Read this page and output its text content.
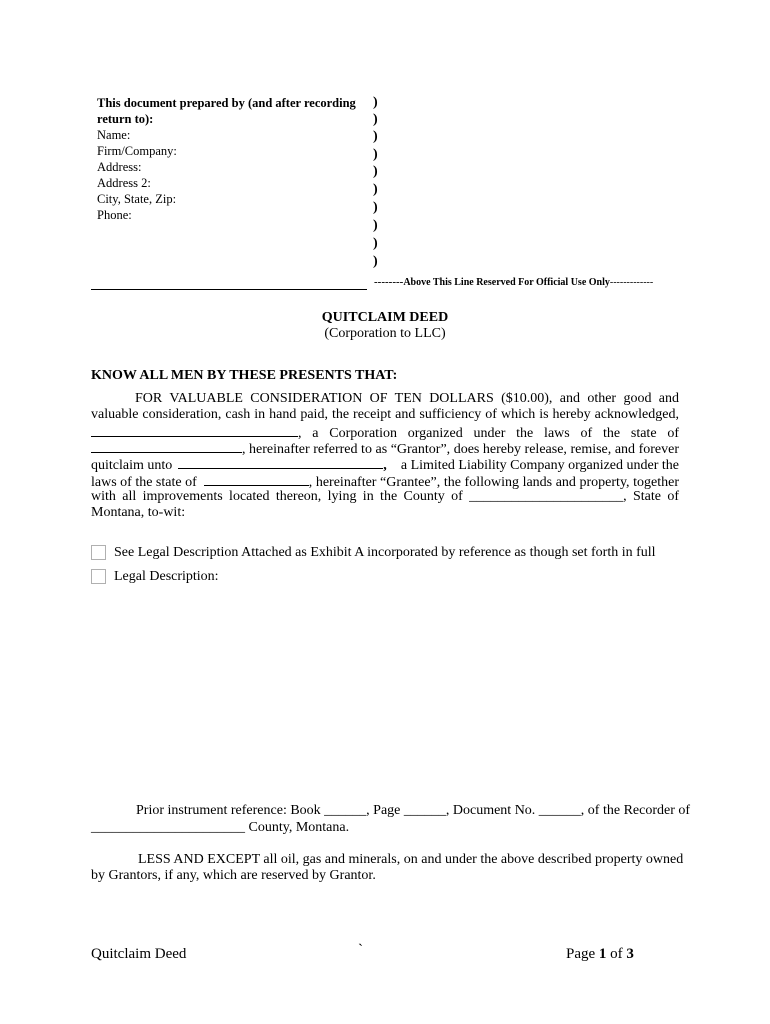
This document prepared by (and after recording
return to):
Name:
Firm/Company:
Address:
Address 2:
City, State, Zip:
Phone:
)
)
)
)
)
)
)
)
)
)
--------Above This Line Reserved For Official Use Only-------------
QUITCLAIM DEED
(Corporation to LLC)
KNOW ALL MEN BY THESE PRESENTS THAT:
FOR VALUABLE CONSIDERATION OF TEN DOLLARS ($10.00), and other good and
valuable consideration, cash in hand paid, the receipt and sufficiency of which is hereby acknowledged,
, a Corporation organized under the laws of the state of
, hereinafter referred to as “Grantor”, does hereby release, remise, and forever
quitclaim unto	,	a Limited Liability Company organized under the
laws of the state of	, hereinafter “Grantee”, the following lands and property, together
with all improvements located thereon, lying in the County of ______________________, State of
Montana, to-wit:
See Legal Description Attached as Exhibit A incorporated by reference as though set forth in full
Legal Description:
Prior instrument reference: Book ______, Page ______, Document No. ______, of the Recorder of
______________________ County, Montana.
LESS AND EXCEPT all oil, gas and minerals, on and under the above described property owned
by Grantors, if any, which are reserved by Grantor.
Quitclaim Deed	`	Page 1 of 3
